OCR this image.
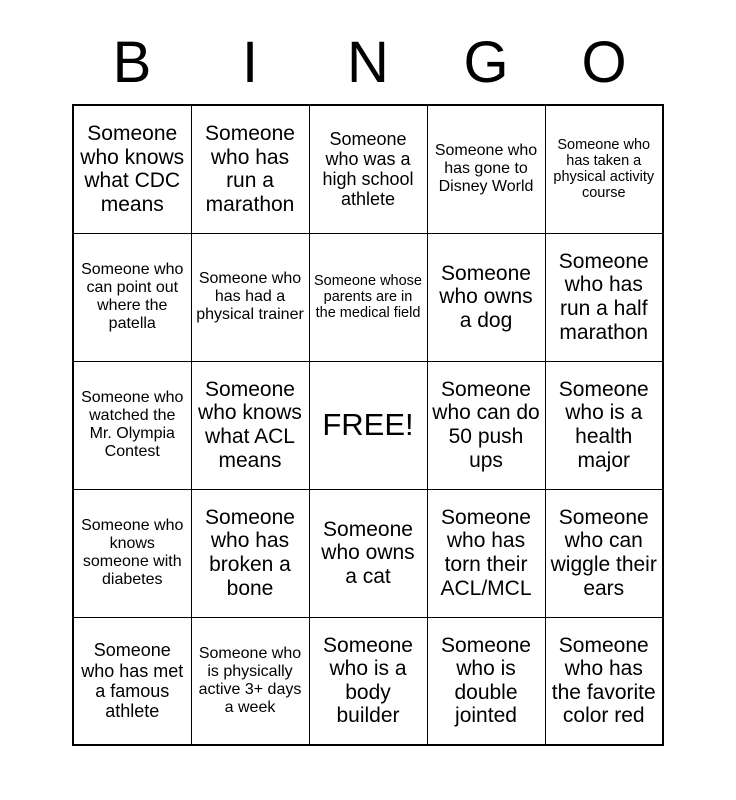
B	I	N	G	O
Someone who knows what CDC means	Someone who has run a marathon	Someone who was a high school athlete	Someone who has gone to Disney World	Someone who has taken a physical activity course
Someone who can point out where the patella	Someone who has had a physical trainer	Someone whose parents are in the medical field	Someone who owns a dog	Someone who has run a half marathon
Someone who watched the Mr. Olympia Contest	Someone who knows what ACL means	FREE!	Someone who can do 50 push ups	Someone who is a health major
Someone who knows someone with diabetes	Someone who has broken a bone	Someone who owns a cat	Someone who has torn their ACL/MCL	Someone who can wiggle their ears
Someone who has met a famous athlete	Someone who is physically active 3+ days a week	Someone who is a body builder	Someone who is double jointed	Someone who has the favorite color red
